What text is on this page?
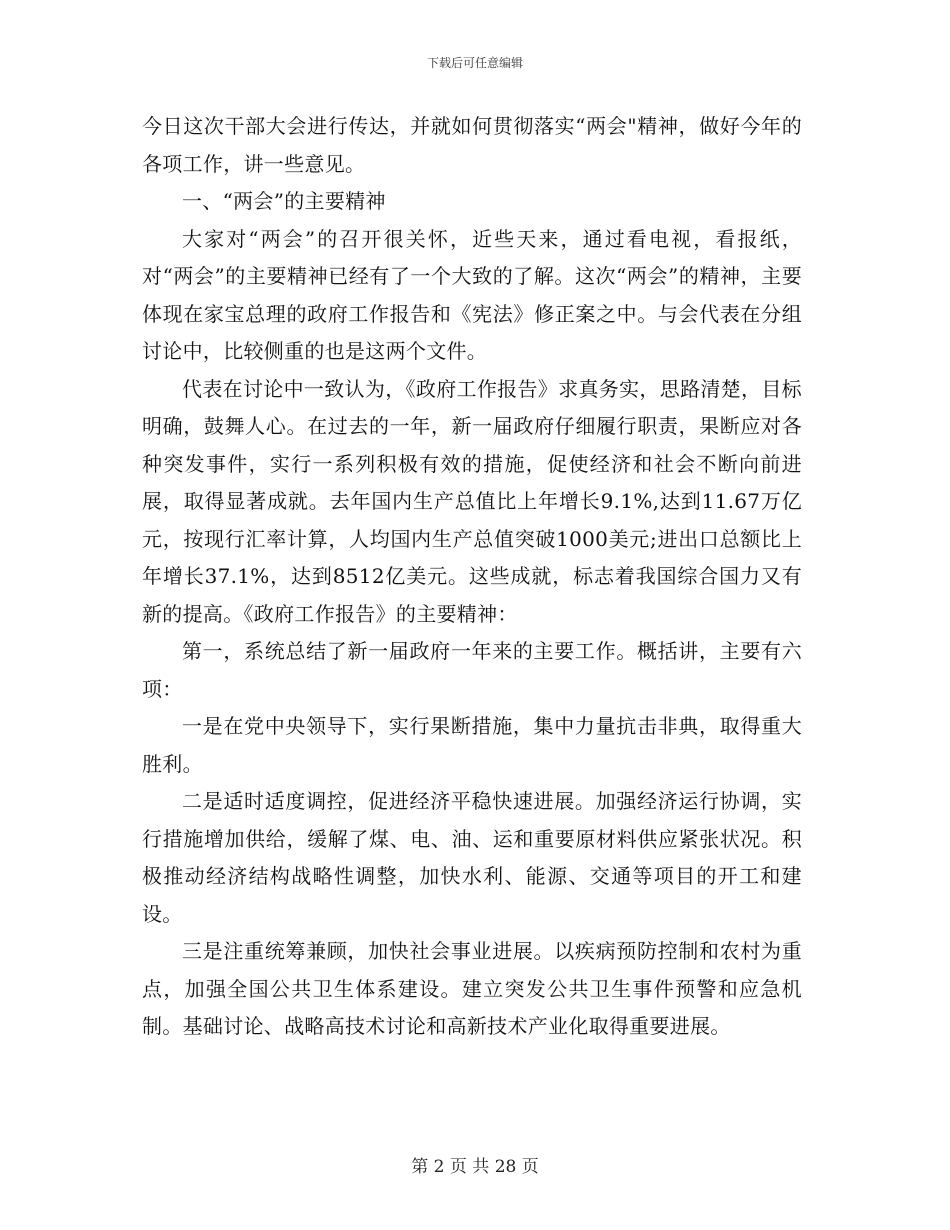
下载后可任意编辑

今日这次干部大会进行传达，并就如何贯彻落实“两会"精神，做好今年的各项工作，讲一些意见。

一、“两会”的主要精神

大家对“两会”的召开很关怀，近些天来，通过看电视，看报纸，对“两会”的主要精神已经有了一个大致的了解。这次“两会”的精神，主要体现在家宝总理的政府工作报告和《宪法》修正案之中。与会代表在分组讨论中，比较侧重的也是这两个文件。

代表在讨论中一致认为，《政府工作报告》求真务实，思路清楚，目标明确，鼓舞人心。在过去的一年，新一届政府仔细履行职责，果断应对各种突发事件，实行一系列积极有效的措施，促使经济和社会不断向前进展，取得显著成就。去年国内生产总值比上年增长9.1%,达到11.67万亿元，按现行汇率计算，人均国内生产总值突破1000美元;进出口总额比上年增长37.1%，达到8512亿美元。这些成就，标志着我国综合国力又有新的提高。《政府工作报告》的主要精神：

第一，系统总结了新一届政府一年来的主要工作。概括讲，主要有六项：

一是在党中央领导下，实行果断措施，集中力量抗击非典，取得重大胜利。

二是适时适度调控，促进经济平稳快速进展。加强经济运行协调，实行措施增加供给，缓解了煤、电、油、运和重要原材料供应紧张状况。积极推动经济结构战略性调整，加快水利、能源、交通等项目的开工和建设。

三是注重统筹兼顾，加快社会事业进展。以疾病预防控制和农村为重点，加强全国公共卫生体系建设。建立突发公共卫生事件预警和应急机制。基础讨论、战略高技术讨论和高新技术产业化取得重要进展。

第 2 页 共 28 页
